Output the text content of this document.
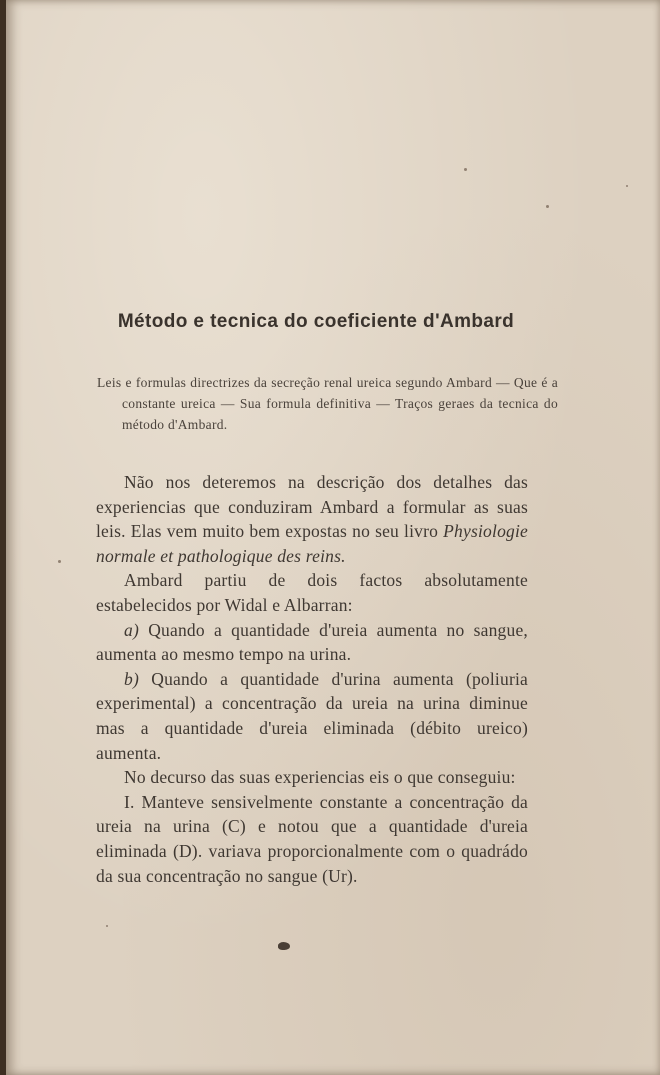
Método e tecnica do coeficiente d'Ambard
Leis e formulas directrizes da secreção renal ureica segundo Ambard — Que é a constante ureica — Sua formula definitiva — Traços geraes da tecnica do método d'Ambard.

Não nos deteremos na descrição dos detalhes das experiencias que conduziram Ambard a formular as suas leis. Elas vem muito bem expostas no seu livro Physiologie normale et pathologique des reins.

Ambard partiu de dois factos absolutamente estabelecidos por Widal e Albarran:

a) Quando a quantidade d'ureia aumenta no sangue, aumenta ao mesmo tempo na urina.

b) Quando a quantidade d'urina aumenta (poliuria experimental) a concentração da ureia na urina diminue mas a quantidade d'ureia eliminada (débito ureico) aumenta.

No decurso das suas experiencias eis o que conseguiu:

I. Manteve sensivelmente constante a concentração da ureia na urina (C) e notou que a quantidade d'ureia eliminada (D). variava proporcionalmente com o quadrádo da sua concentração no sangue (Ur).
